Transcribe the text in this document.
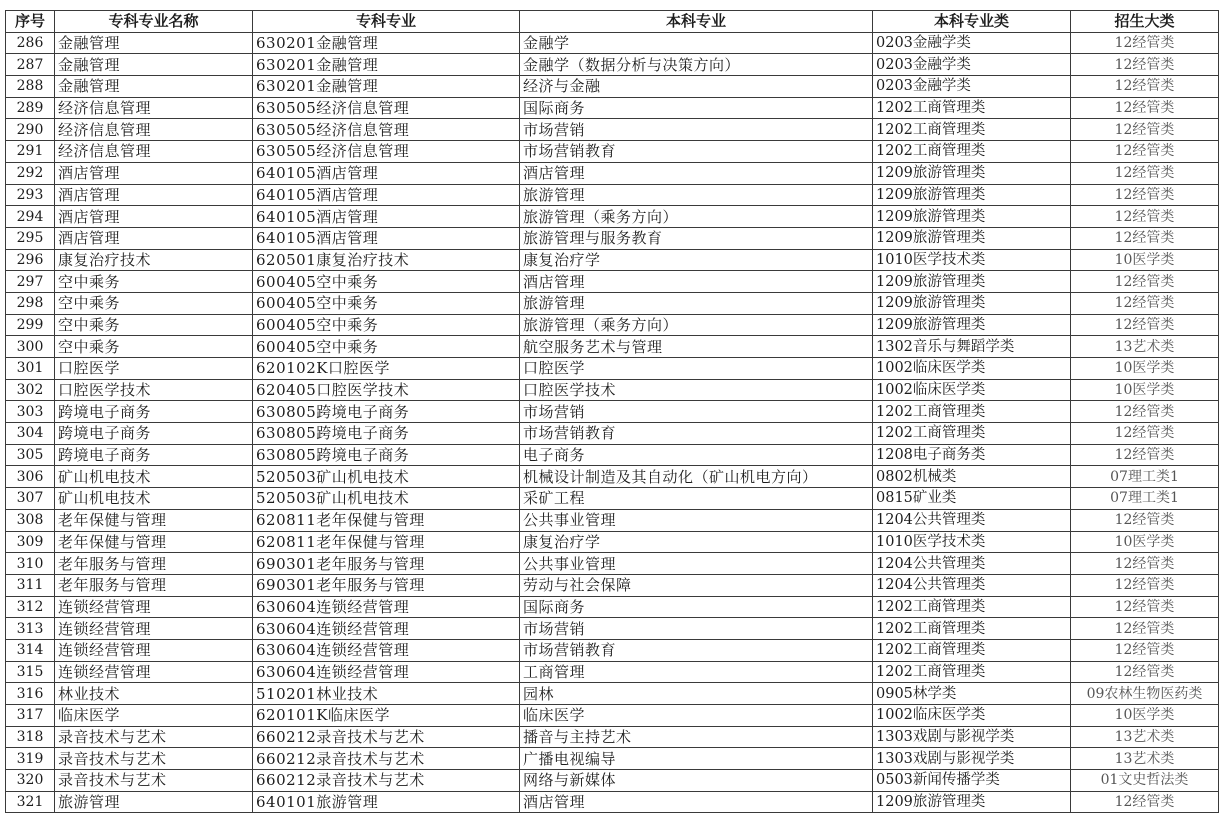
序号	专科专业名称	专科专业	本科专业	本科专业类	招生大类
286	金融管理	630201金融管理	金融学	0203金融学类	12经管类
287	金融管理	630201金融管理	金融学（数据分析与决策方向）	0203金融学类	12经管类
288	金融管理	630201金融管理	经济与金融	0203金融学类	12经管类
289	经济信息管理	630505经济信息管理	国际商务	1202工商管理类	12经管类
290	经济信息管理	630505经济信息管理	市场营销	1202工商管理类	12经管类
291	经济信息管理	630505经济信息管理	市场营销教育	1202工商管理类	12经管类
292	酒店管理	640105酒店管理	酒店管理	1209旅游管理类	12经管类
293	酒店管理	640105酒店管理	旅游管理	1209旅游管理类	12经管类
294	酒店管理	640105酒店管理	旅游管理（乘务方向）	1209旅游管理类	12经管类
295	酒店管理	640105酒店管理	旅游管理与服务教育	1209旅游管理类	12经管类
296	康复治疗技术	620501康复治疗技术	康复治疗学	1010医学技术类	10医学类
297	空中乘务	600405空中乘务	酒店管理	1209旅游管理类	12经管类
298	空中乘务	600405空中乘务	旅游管理	1209旅游管理类	12经管类
299	空中乘务	600405空中乘务	旅游管理（乘务方向）	1209旅游管理类	12经管类
300	空中乘务	600405空中乘务	航空服务艺术与管理	1302音乐与舞蹈学类	13艺术类
301	口腔医学	620102K口腔医学	口腔医学	1002临床医学类	10医学类
302	口腔医学技术	620405口腔医学技术	口腔医学技术	1002临床医学类	10医学类
303	跨境电子商务	630805跨境电子商务	市场营销	1202工商管理类	12经管类
304	跨境电子商务	630805跨境电子商务	市场营销教育	1202工商管理类	12经管类
305	跨境电子商务	630805跨境电子商务	电子商务	1208电子商务类	12经管类
306	矿山机电技术	520503矿山机电技术	机械设计制造及其自动化（矿山机电方向）	0802机械类	07理工类1
307	矿山机电技术	520503矿山机电技术	采矿工程	0815矿业类	07理工类1
308	老年保健与管理	620811老年保健与管理	公共事业管理	1204公共管理类	12经管类
309	老年保健与管理	620811老年保健与管理	康复治疗学	1010医学技术类	10医学类
310	老年服务与管理	690301老年服务与管理	公共事业管理	1204公共管理类	12经管类
311	老年服务与管理	690301老年服务与管理	劳动与社会保障	1204公共管理类	12经管类
312	连锁经营管理	630604连锁经营管理	国际商务	1202工商管理类	12经管类
313	连锁经营管理	630604连锁经营管理	市场营销	1202工商管理类	12经管类
314	连锁经营管理	630604连锁经营管理	市场营销教育	1202工商管理类	12经管类
315	连锁经营管理	630604连锁经营管理	工商管理	1202工商管理类	12经管类
316	林业技术	510201林业技术	园林	0905林学类	09农林生物医药类
317	临床医学	620101K临床医学	临床医学	1002临床医学类	10医学类
318	录音技术与艺术	660212录音技术与艺术	播音与主持艺术	1303戏剧与影视学类	13艺术类
319	录音技术与艺术	660212录音技术与艺术	广播电视编导	1303戏剧与影视学类	13艺术类
320	录音技术与艺术	660212录音技术与艺术	网络与新媒体	0503新闻传播学类	01文史哲法类
321	旅游管理	640101旅游管理	酒店管理	1209旅游管理类	12经管类
